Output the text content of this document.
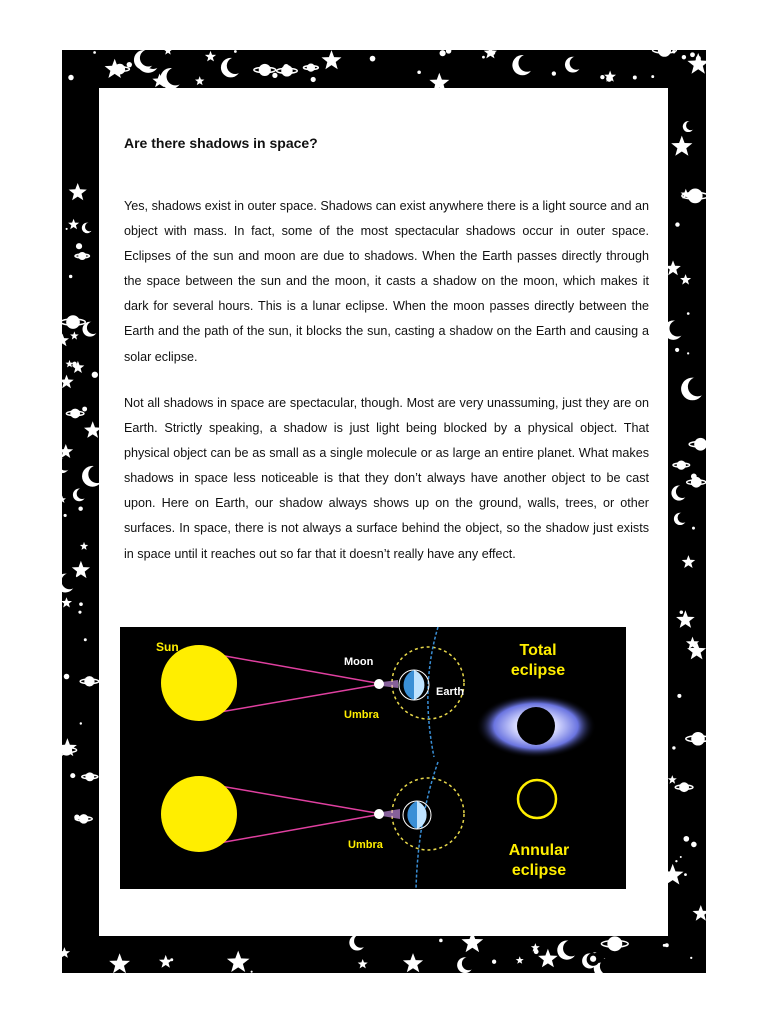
Are there shadows in space?

Yes, shadows exist in outer space. Shadows can exist anywhere there is a light source and an object with mass. In fact, some of the most spectacular shadows occur in outer space. Eclipses of the sun and moon are due to shadows. When the Earth passes directly through the space between the sun and the moon, it casts a shadow on the moon, which makes it dark for several hours. This is a lunar eclipse. When the moon passes directly between the Earth and the path of the sun, it blocks the sun, casting a shadow on the Earth and causing a solar eclipse.

Not all shadows in space are spectacular, though. Most are very unassuming, just they are on Earth. Strictly speaking, a shadow is just light being blocked by a physical object. That physical object can be as small as a single molecule or as large an entire planet. What makes shadows in space less noticeable is that they don’t always have another object to be cast upon. Here on Earth, our shadow always shows up on the ground, walls, trees, or other surfaces. In space, there is not always a surface behind the object, so the shadow just exists in space until it reaches out so far that it doesn’t really have any effect.

Sun
Moon
Earth
Umbra
Total
eclipse
Umbra	Annular
eclipse
